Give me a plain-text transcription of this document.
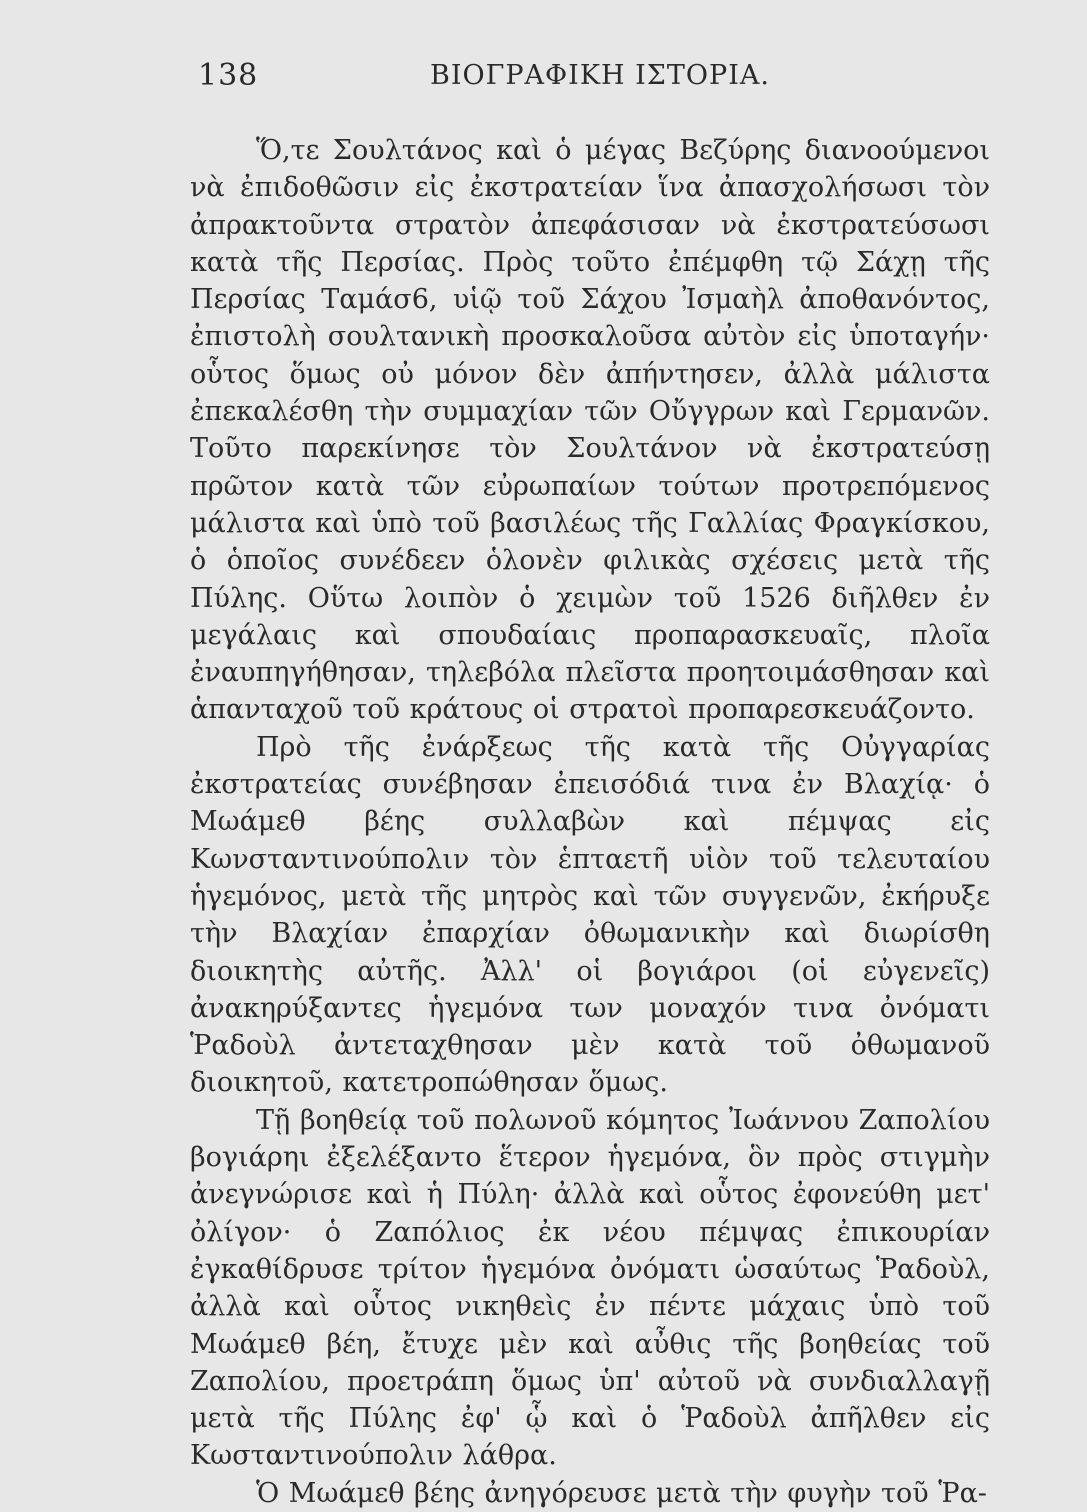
138	ΒΙΟΓΡΑΦΙΚΗ ΙΣΤΟΡΙΑ.

Ὅ,τε Σουλτάνος καὶ ὁ μέγας Βεζύρης διανοούμενοι νὰ ἐπιδοθῶσιν εἰς ἐκστρατείαν ἵνα ἀπασχολήσωσι τὸν ἀπρακτοῦντα στρατὸν ἀπεφάσισαν νὰ ἐκστρατεύσωσι κατὰ τῆς Περσίας. Πρὸς τοῦτο ἐπέμφθη τῷ Σάχῃ τῆς Περσίας Ταμάσ6, υἱῷ τοῦ Σάχου Ἰσμαὴλ ἀποθανόντος, ἐπιστολὴ σουλτανικὴ προσκαλοῦσα αὐτὸν εἰς ὑποταγήν· οὗτος ὅμως οὐ μόνον δὲν ἀπήντησεν, ἀλλὰ μάλιστα ἐπεκαλέσθη τὴν συμμαχίαν τῶν Οὔγγρων καὶ Γερμανῶν. Τοῦτο παρεκίνησε τὸν Σουλτάνον νὰ ἐκστρατεύσῃ πρῶτον κατὰ τῶν εὐρωπαίων τούτων προτρεπόμενος μάλιστα καὶ ὑπὸ τοῦ βασιλέως τῆς Γαλλίας Φραγκίσκου, ὁ ὁποῖος συνέδεεν ὁλονὲν φιλικὰς σχέσεις μετὰ τῆς Πύλης. Οὕτω λοιπὸν ὁ χειμὼν τοῦ 1526 διῆλθεν ἐν μεγάλαις καὶ σπουδαίαις προπαρασκευαῖς, πλοῖα ἐναυπηγήθησαν, τηλεβόλα πλεῖστα προητοιμάσθησαν καὶ ἁπανταχοῦ τοῦ κράτους οἱ στρατοὶ προπαρεσκευάζοντο.

Πρὸ τῆς ἐνάρξεως τῆς κατὰ τῆς Οὐγγαρίας ἐκστρατείας συνέβησαν ἐπεισόδιά τινα ἐν Βλαχίᾳ· ὁ Μωάμεθ βέης συλλαβὼν καὶ πέμψας εἰς Κωνσταντινούπολιν τὸν ἑπταετῆ υἱὸν τοῦ τελευταίου ἡγεμόνος, μετὰ τῆς μητρὸς καὶ τῶν συγγενῶν, ἐκήρυξε τὴν Βλαχίαν ἐπαρχίαν ὀθωμανικὴν καὶ διωρίσθη διοικητὴς αὐτῆς. Ἀλλ' οἱ βογιάροι (οἱ εὐγενεῖς) ἀνακηρύξαντες ἡγεμόνα των μοναχόν τινα ὀνόματι Ῥαδοὺλ ἀντεταχθησαν μὲν κατὰ τοῦ ὀθωμανοῦ διοικητοῦ, κατετροπώθησαν ὅμως.

Τῇ βοηθείᾳ τοῦ πολωνοῦ κόμητος Ἰωάννου Ζαπολίου βογιάρηι ἐξελέξαντο ἕτερον ἡγεμόνα, ὃν πρὸς στιγμὴν ἀνεγνώρισε καὶ ἡ Πύλη· ἀλλὰ καὶ οὗτος ἐφονεύθη μετ' ὀλίγον· ὁ Ζαπόλιος ἐκ νέου πέμψας ἐπικουρίαν ἐγκαθίδρυσε τρίτον ἡγεμόνα ὀνόματι ὡσαύτως Ῥαδοὺλ, ἀλλὰ καὶ οὗτος νικηθεὶς ἐν πέντε μάχαις ὑπὸ τοῦ Μωάμεθ βέη, ἔτυχε μὲν καὶ αὖθις τῆς βοηθείας τοῦ Ζαπολίου, προετράπη ὅμως ὑπ' αὐτοῦ νὰ συνδιαλλαγῇ μετὰ τῆς Πύλης ἐφ' ᾧ καὶ ὁ Ῥαδοὺλ ἀπῆλθεν εἰς Κωσταντινούπολιν λάθρα.

Ὁ Μωάμεθ βέης ἀνηγόρευσε μετὰ τὴν φυγὴν τοῦ Ῥα-
